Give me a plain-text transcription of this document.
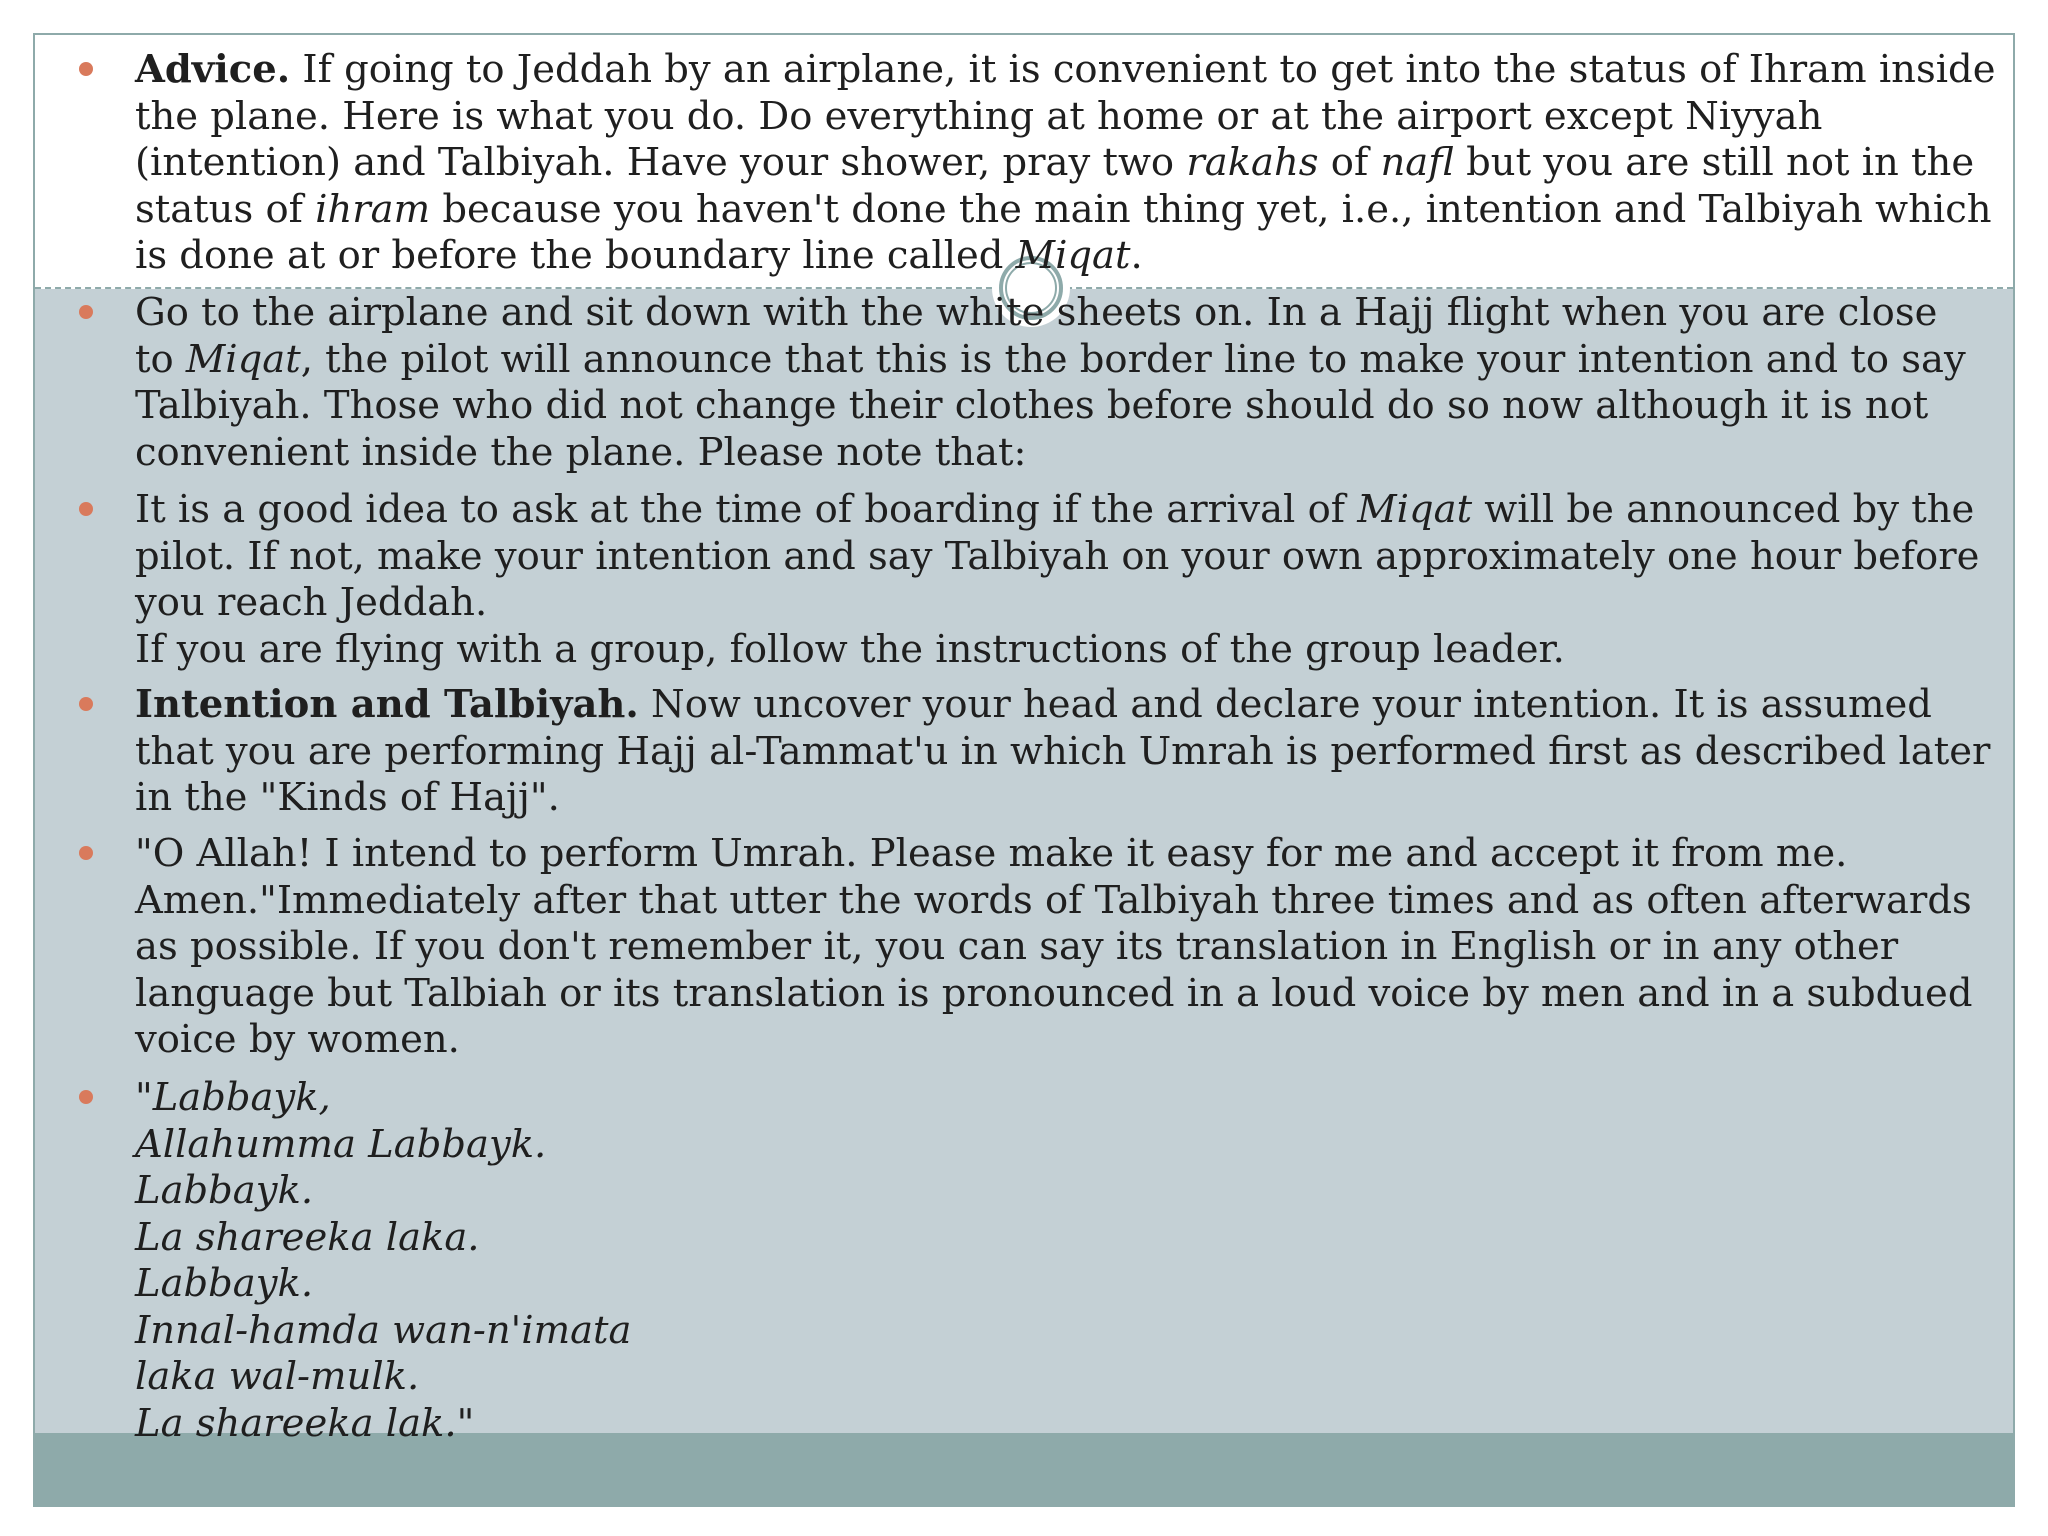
Advice. If going to Jeddah by an airplane, it is convenient to get into the status of Ihram inside
the plane. Here is what you do. Do everything at home or at the airport except Niyyah
(intention) and Talbiyah. Have your shower, pray two rakahs of nafl but you are still not in the
status of ihram because you haven't done the main thing yet, i.e., intention and Talbiyah which
is done at or before the boundary line called Miqat.
Go to the airplane and sit down with the white sheets on. In a Hajj flight when you are close
to Miqat, the pilot will announce that this is the border line to make your intention and to say
Talbiyah. Those who did not change their clothes before should do so now although it is not
convenient inside the plane. Please note that:
It is a good idea to ask at the time of boarding if the arrival of Miqat will be announced by the
pilot. If not, make your intention and say Talbiyah on your own approximately one hour before
you reach Jeddah.
If you are flying with a group, follow the instructions of the group leader.
Intention and Talbiyah. Now uncover your head and declare your intention. It is assumed
that you are performing Hajj al-Tammat'u in which Umrah is performed first as described later
in the "Kinds of Hajj".
"O Allah! I intend to perform Umrah. Please make it easy for me and accept it from me.
Amen."Immediately after that utter the words of Talbiyah three times and as often afterwards
as possible. If you don't remember it, you can say its translation in English or in any other
language but Talbiah or its translation is pronounced in a loud voice by men and in a subdued
voice by women.
"Labbayk,
Allahumma Labbayk.
Labbayk.
La shareeka laka.
Labbayk.
Innal-hamda wan-n'imata
laka wal-mulk.
La shareeka lak."
